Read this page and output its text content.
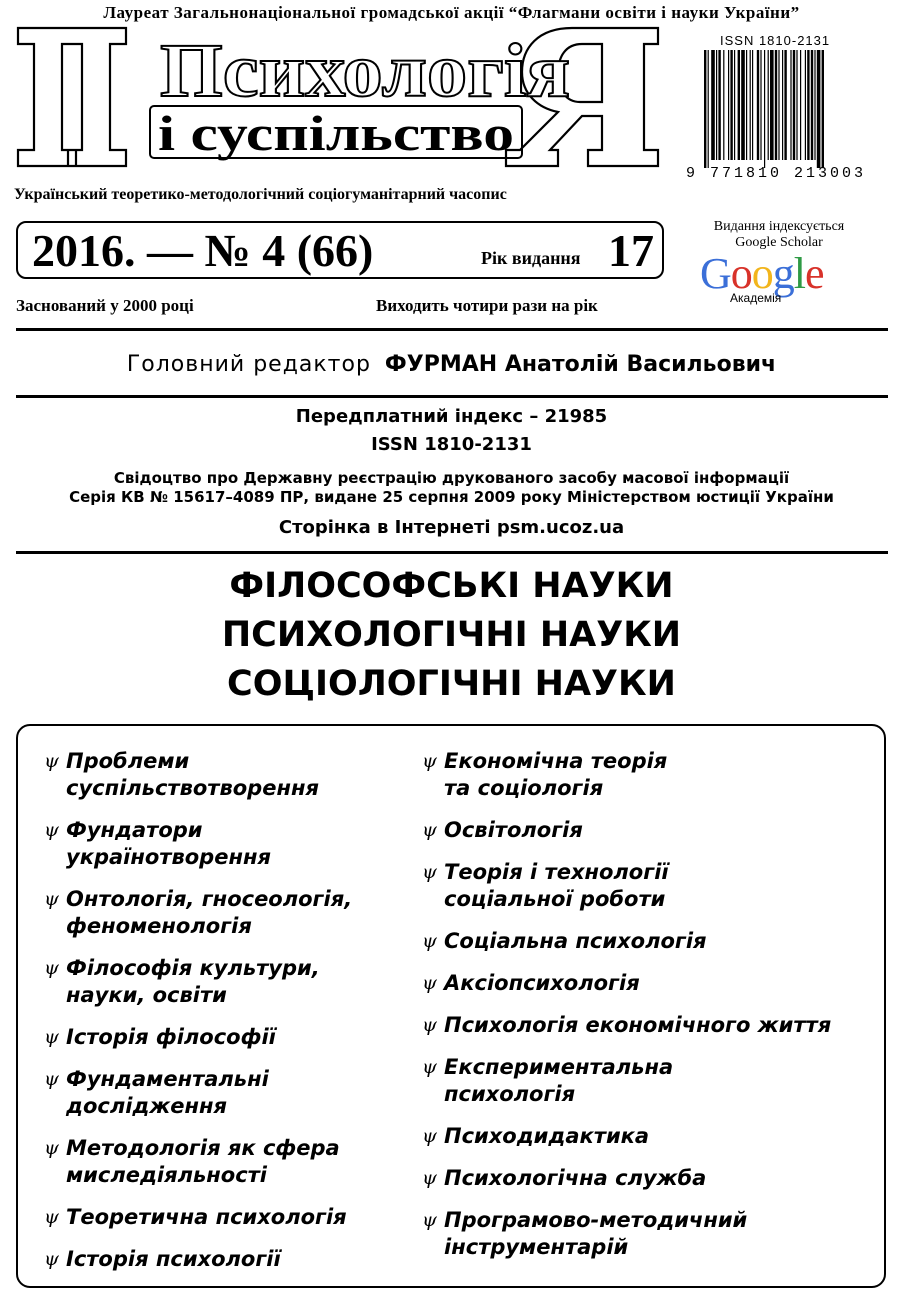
Лауреат Загальнонаціональної громадської акції “Флагмани освіти і науки України”
Психологія
і суспільство
Український теоретико-методологічний соціогуманітарний часопис
2016. — № 4 (66)	Рік видання 17
Заснований у 2000 році	Виходить чотири рази на рік
ISSN 1810-2131
9 771810 213003
Видання індексується
Google Scholar
Google
Академія
Головний редактор ФУРМАН Анатолій Васильович
Передплатний індекс – 21985
ISSN 1810-2131
Свідоцтво про Державну реєстрацію друкованого засобу масової інформації
Серія КВ № 15617–4089 ПР, видане 25 серпня 2009 року Міністерством юстиції України
Сторінка в Інтернеті psm.ucoz.ua
ФІЛОСОФСЬКІ НАУКИ
ПСИХОЛОГІЧНІ НАУКИ
СОЦІОЛОГІЧНІ НАУКИ
ψ Проблеми
суспільствотворення
ψ Фундатори
українотворення
ψ Онтологія, гносеологія,
феноменологія
ψ Філософія культури,
науки, освіти
ψ Історія філософії
ψ Фундаментальні
дослідження
ψ Методологія як сфера
миследіяльності
ψ Теоретична психологія
ψ Історія психології
ψ Економічна теорія
та соціологія
ψ Освітологія
ψ Теорія і технології
соціальної роботи
ψ Соціальна психологія
ψ Аксіопсихологія
ψ Психологія економічного життя
ψ Експериментальна
психологія
ψ Психодидактика
ψ Психологічна служба
ψ Програмово-методичний
інструментарій
